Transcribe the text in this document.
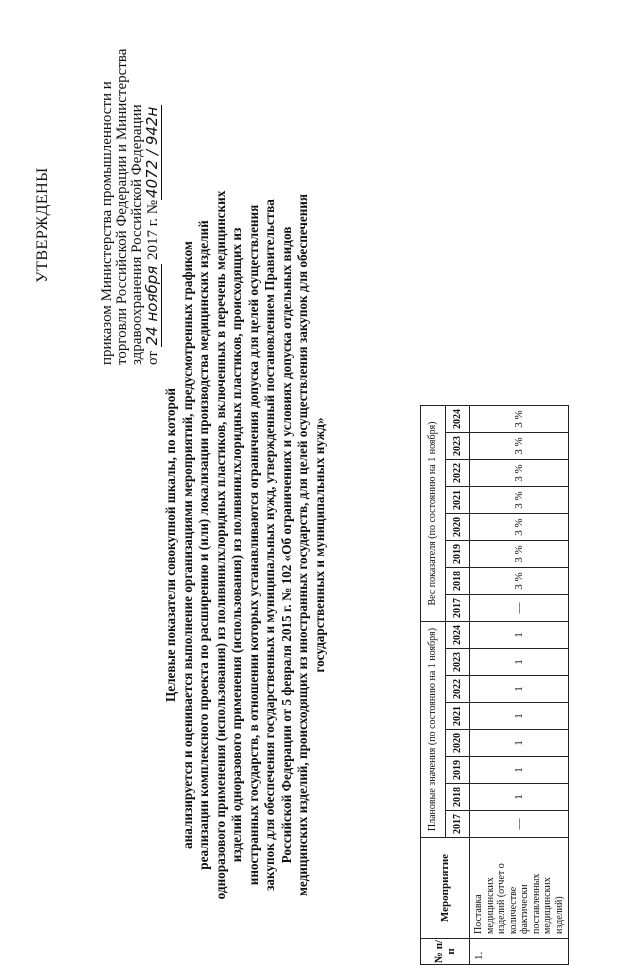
УТВЕРЖДЕНЫ	приказом Министерства промышленности и торговли Российской Федерации и Министерства здравоохранения Российской Федерации от 24 ноября 2017 г. №4072 / 942н
Целевые показатели совокупной шкалы, по которой анализируется и оценивается выполнение организациями мероприятий, предусмотренных графиком реализации комплексного проекта по расширению и (или) локализации производства медицинских изделий одноразового применения (использования) из поливинилхлоридных пластиков, включенных в перечень медицинских изделий одноразового применения (использования) из поливинилхлоридных пластиков, происходящих из иностранных государств, в отношении которых устанавливаются ограничения допуска для целей осуществления закупок для обеспечения государственных и муниципальных нужд, утвержденный постановлением Правительства Российской Федерации от 5 февраля 2015 г. № 102 «Об ограничениях и условиях допуска отдельных видов медицинских изделий, происходящих из иностранных государств, для целей осуществления закупок для обеспечения государственных и муниципальных нужд»
№ п/п	Мероприятие	Плановые значения (по состоянию на 1 ноября)								Вес показателя (по состоянию на 1 ноября)							
		2017	2018	2019	2020	2021	2022	2023	2024	2017	2018	2019	2020	2021	2022	2023	2024
1.	Поставка медицинских изделий (отчет о количестве фактически поставленных медицинских изделий)	—	1	1	1	1	1	1	1	—	3 %	3 %	3 %	3 %	3 %	3 %	3 %
